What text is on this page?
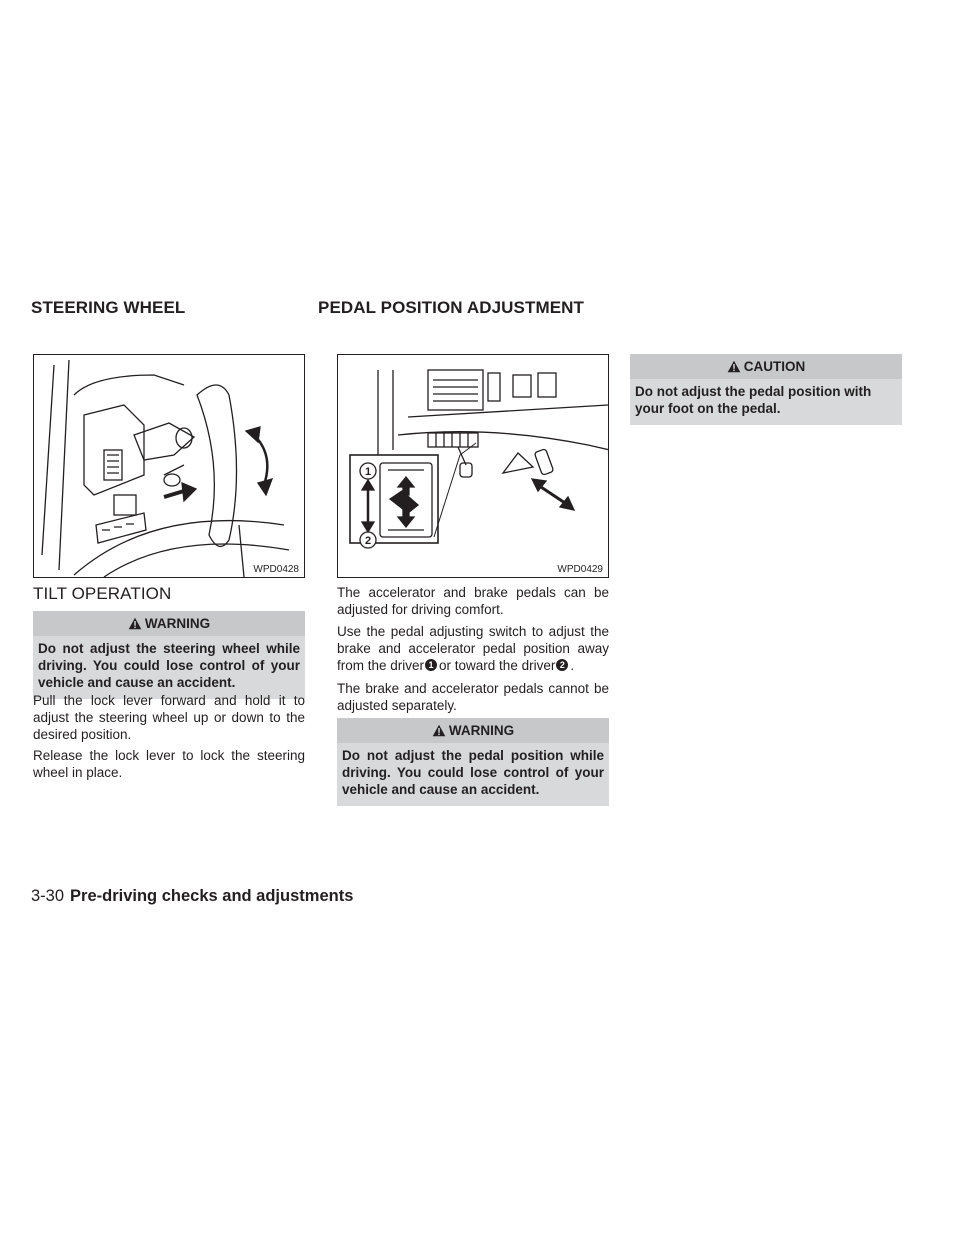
STEERING WHEEL	PEDAL POSITION ADJUSTMENT
WPD0428
1
2
WPD0429
TILT OPERATION
WARNING
Do not adjust the steering wheel while driving. You could lose control of your vehicle and cause an accident.

Pull the lock lever forward and hold it to adjust the steering wheel up or down to the desired position.

Release the lock lever to lock the steering wheel in place.

The accelerator and brake pedals can be adjusted for driving comfort.

Use the pedal adjusting switch to adjust the brake and accelerator pedal position away from the driver 1 or toward the driver 2 .

The brake and accelerator pedals cannot be adjusted separately.

WARNING
Do not adjust the pedal position while driving. You could lose control of your vehicle and cause an accident.
CAUTION
Do not adjust the pedal position with your foot on the pedal.

3-30 Pre-driving checks and adjustments
